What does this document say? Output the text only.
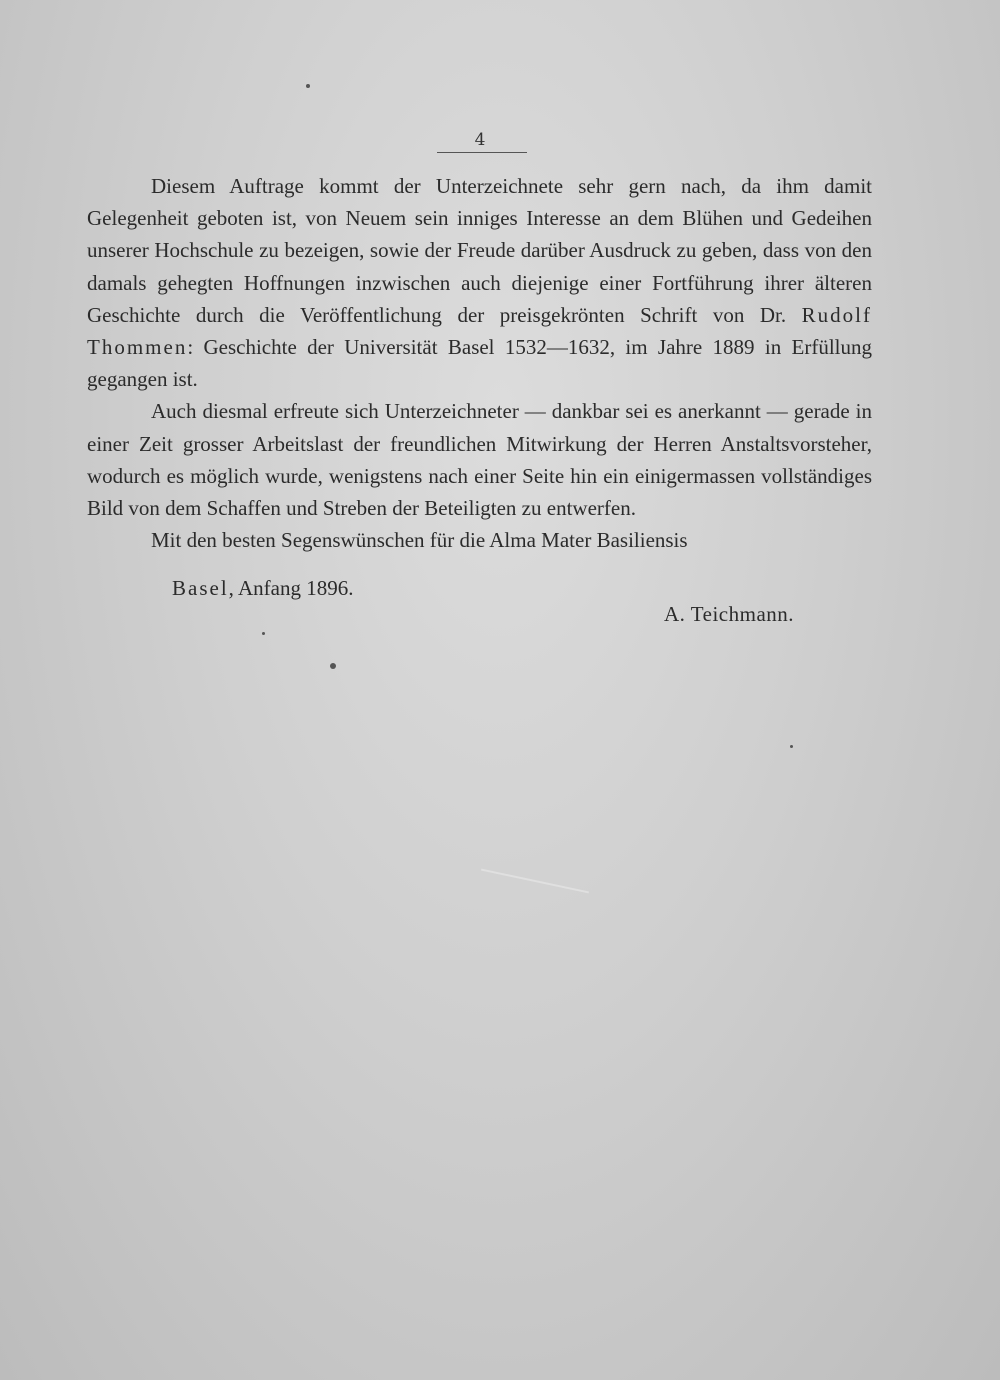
4

Diesem Auftrage kommt der Unterzeichnete sehr gern nach, da ihm damit Gelegenheit geboten ist, von Neuem sein inniges Interesse an dem Blühen und Gedeihen unserer Hochschule zu bezeigen, sowie der Freude darüber Ausdruck zu geben, dass von den damals gehegten Hoffnungen inzwischen auch diejenige einer Fortführung ihrer älteren Geschichte durch die Veröffentlichung der preisgekrönten Schrift von Dr. Rudolf Thommen: Geschichte der Universität Basel 1532—1632, im Jahre 1889 in Erfüllung gegangen ist.

Auch diesmal erfreute sich Unterzeichneter — dankbar sei es anerkannt — gerade in einer Zeit grosser Arbeitslast der freundlichen Mitwirkung der Herren Anstaltsvorsteher, wodurch es möglich wurde, wenigstens nach einer Seite hin ein einigermassen vollständiges Bild von dem Schaffen und Streben der Beteiligten zu entwerfen.

Mit den besten Segenswünschen für die Alma Mater Basiliensis

Basel, Anfang 1896.
A. Teichmann.
